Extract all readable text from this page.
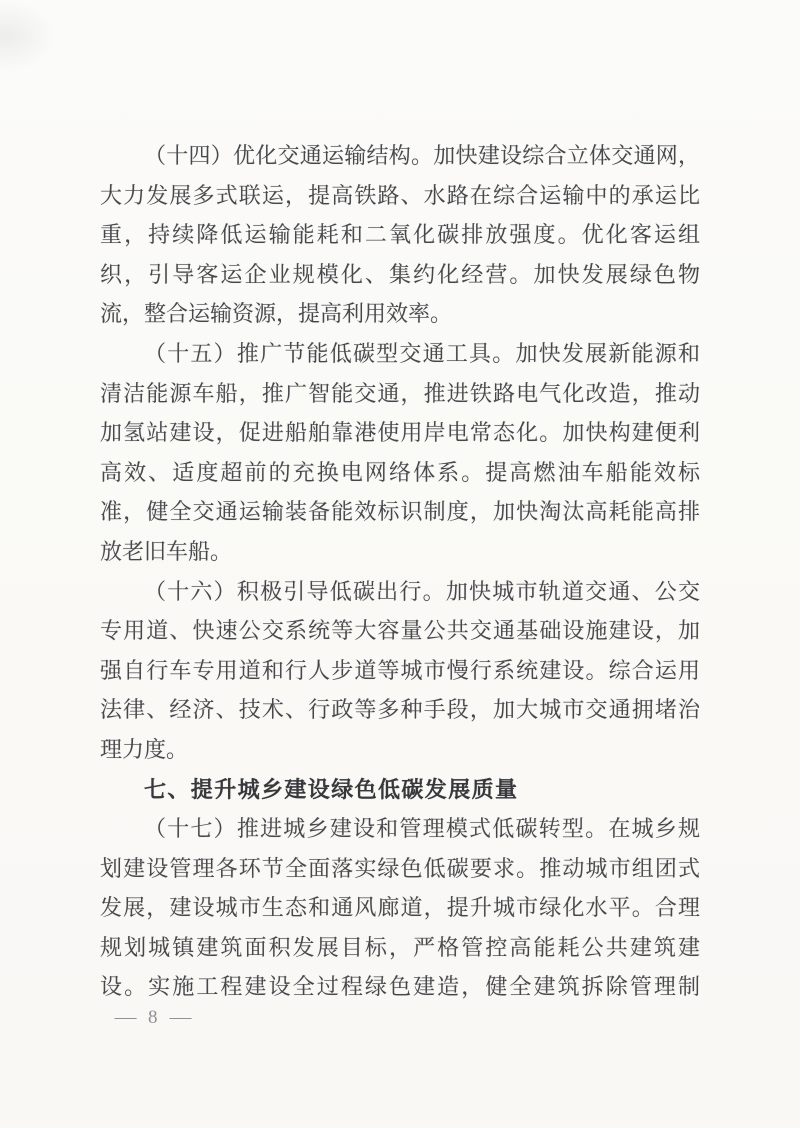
（十四）优化交通运输结构。加快建设综合立体交通网，
大力发展多式联运，提高铁路、水路在综合运输中的承运比
重，持续降低运输能耗和二氧化碳排放强度。优化客运组
织，引导客运企业规模化、集约化经营。加快发展绿色物
流，整合运输资源，提高利用效率。
（十五）推广节能低碳型交通工具。加快发展新能源和
清洁能源车船，推广智能交通，推进铁路电气化改造，推动
加氢站建设，促进船舶靠港使用岸电常态化。加快构建便利
高效、适度超前的充换电网络体系。提高燃油车船能效标
准，健全交通运输装备能效标识制度，加快淘汰高耗能高排
放老旧车船。
（十六）积极引导低碳出行。加快城市轨道交通、公交
专用道、快速公交系统等大容量公共交通基础设施建设，加
强自行车专用道和行人步道等城市慢行系统建设。综合运用
法律、经济、技术、行政等多种手段，加大城市交通拥堵治
理力度。
七、提升城乡建设绿色低碳发展质量
（十七）推进城乡建设和管理模式低碳转型。在城乡规
划建设管理各环节全面落实绿色低碳要求。推动城市组团式
发展，建设城市生态和通风廊道，提升城市绿化水平。合理
规划城镇建筑面积发展目标，严格管控高能耗公共建筑建
设。实施工程建设全过程绿色建造，健全建筑拆除管理制
— 8 —
